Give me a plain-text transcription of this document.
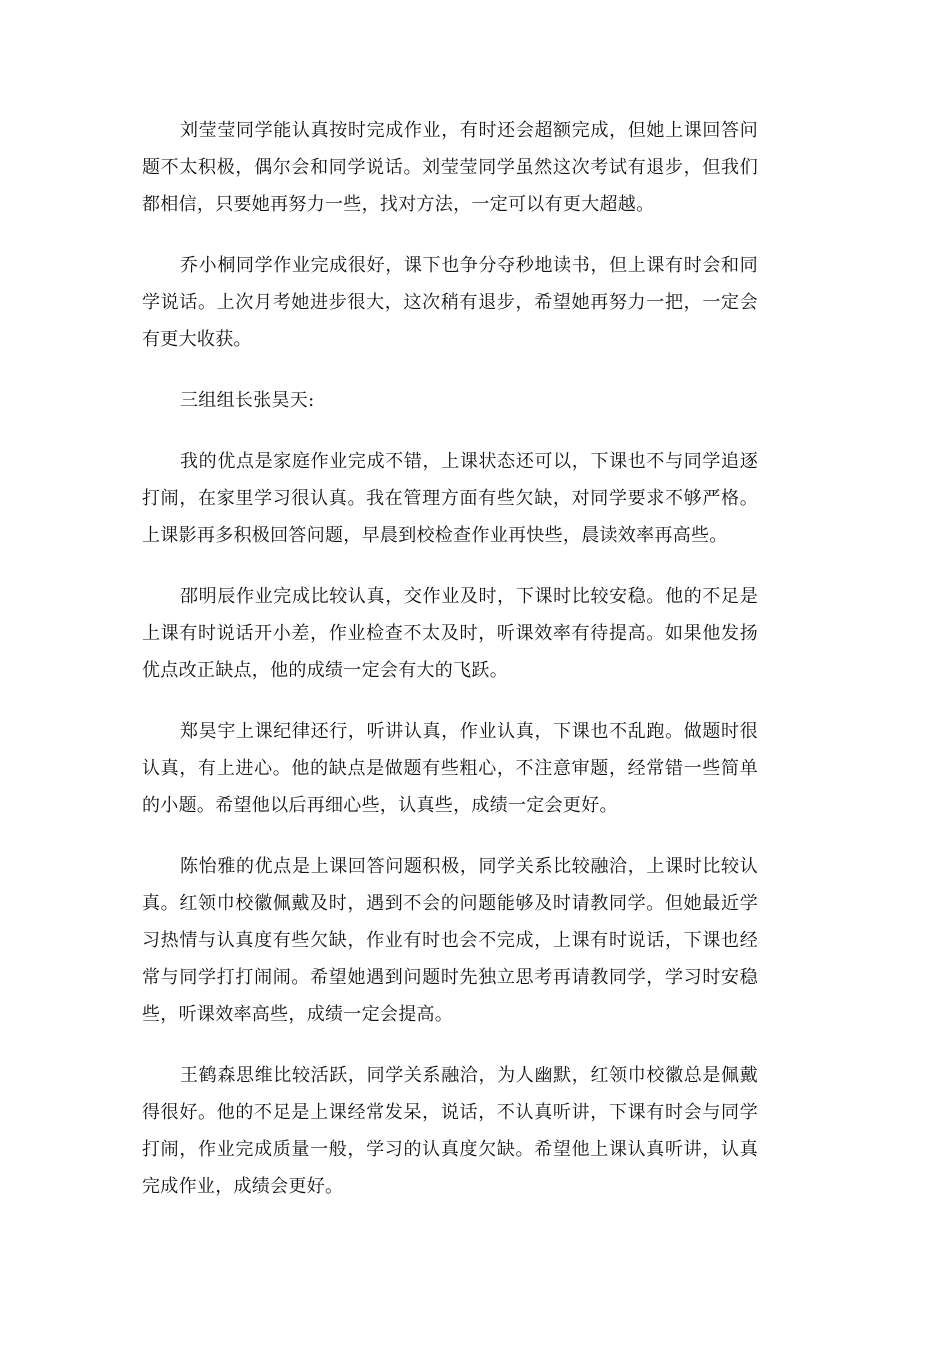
刘莹莹同学能认真按时完成作业，有时还会超额完成，但她上课回答问题不太积极，偶尔会和同学说话。刘莹莹同学虽然这次考试有退步，但我们都相信，只要她再努力一些，找对方法，一定可以有更大超越。

乔小桐同学作业完成很好，课下也争分夺秒地读书，但上课有时会和同学说话。上次月考她进步很大，这次稍有退步，希望她再努力一把，一定会有更大收获。

三组组长张昊天:

我的优点是家庭作业完成不错，上课状态还可以，下课也不与同学追逐打闹，在家里学习很认真。我在管理方面有些欠缺，对同学要求不够严格。上课影再多积极回答问题，早晨到校检查作业再快些，晨读效率再高些。

邵明辰作业完成比较认真，交作业及时，下课时比较安稳。他的不足是上课有时说话开小差，作业检查不太及时，听课效率有待提高。如果他发扬优点改正缺点，他的成绩一定会有大的飞跃。

郑昊宇上课纪律还行，听讲认真，作业认真，下课也不乱跑。做题时很认真，有上进心。他的缺点是做题有些粗心，不注意审题，经常错一些简单的小题。希望他以后再细心些，认真些，成绩一定会更好。

陈怡雅的优点是上课回答问题积极，同学关系比较融洽，上课时比较认真。红领巾校徽佩戴及时，遇到不会的问题能够及时请教同学。但她最近学习热情与认真度有些欠缺，作业有时也会不完成，上课有时说话，下课也经常与同学打打闹闹。希望她遇到问题时先独立思考再请教同学，学习时安稳些，听课效率高些，成绩一定会提高。

王鹤森思维比较活跃，同学关系融洽，为人幽默，红领巾校徽总是佩戴得很好。他的不足是上课经常发呆，说话，不认真听讲，下课有时会与同学打闹，作业完成质量一般，学习的认真度欠缺。希望他上课认真听讲，认真完成作业，成绩会更好。
